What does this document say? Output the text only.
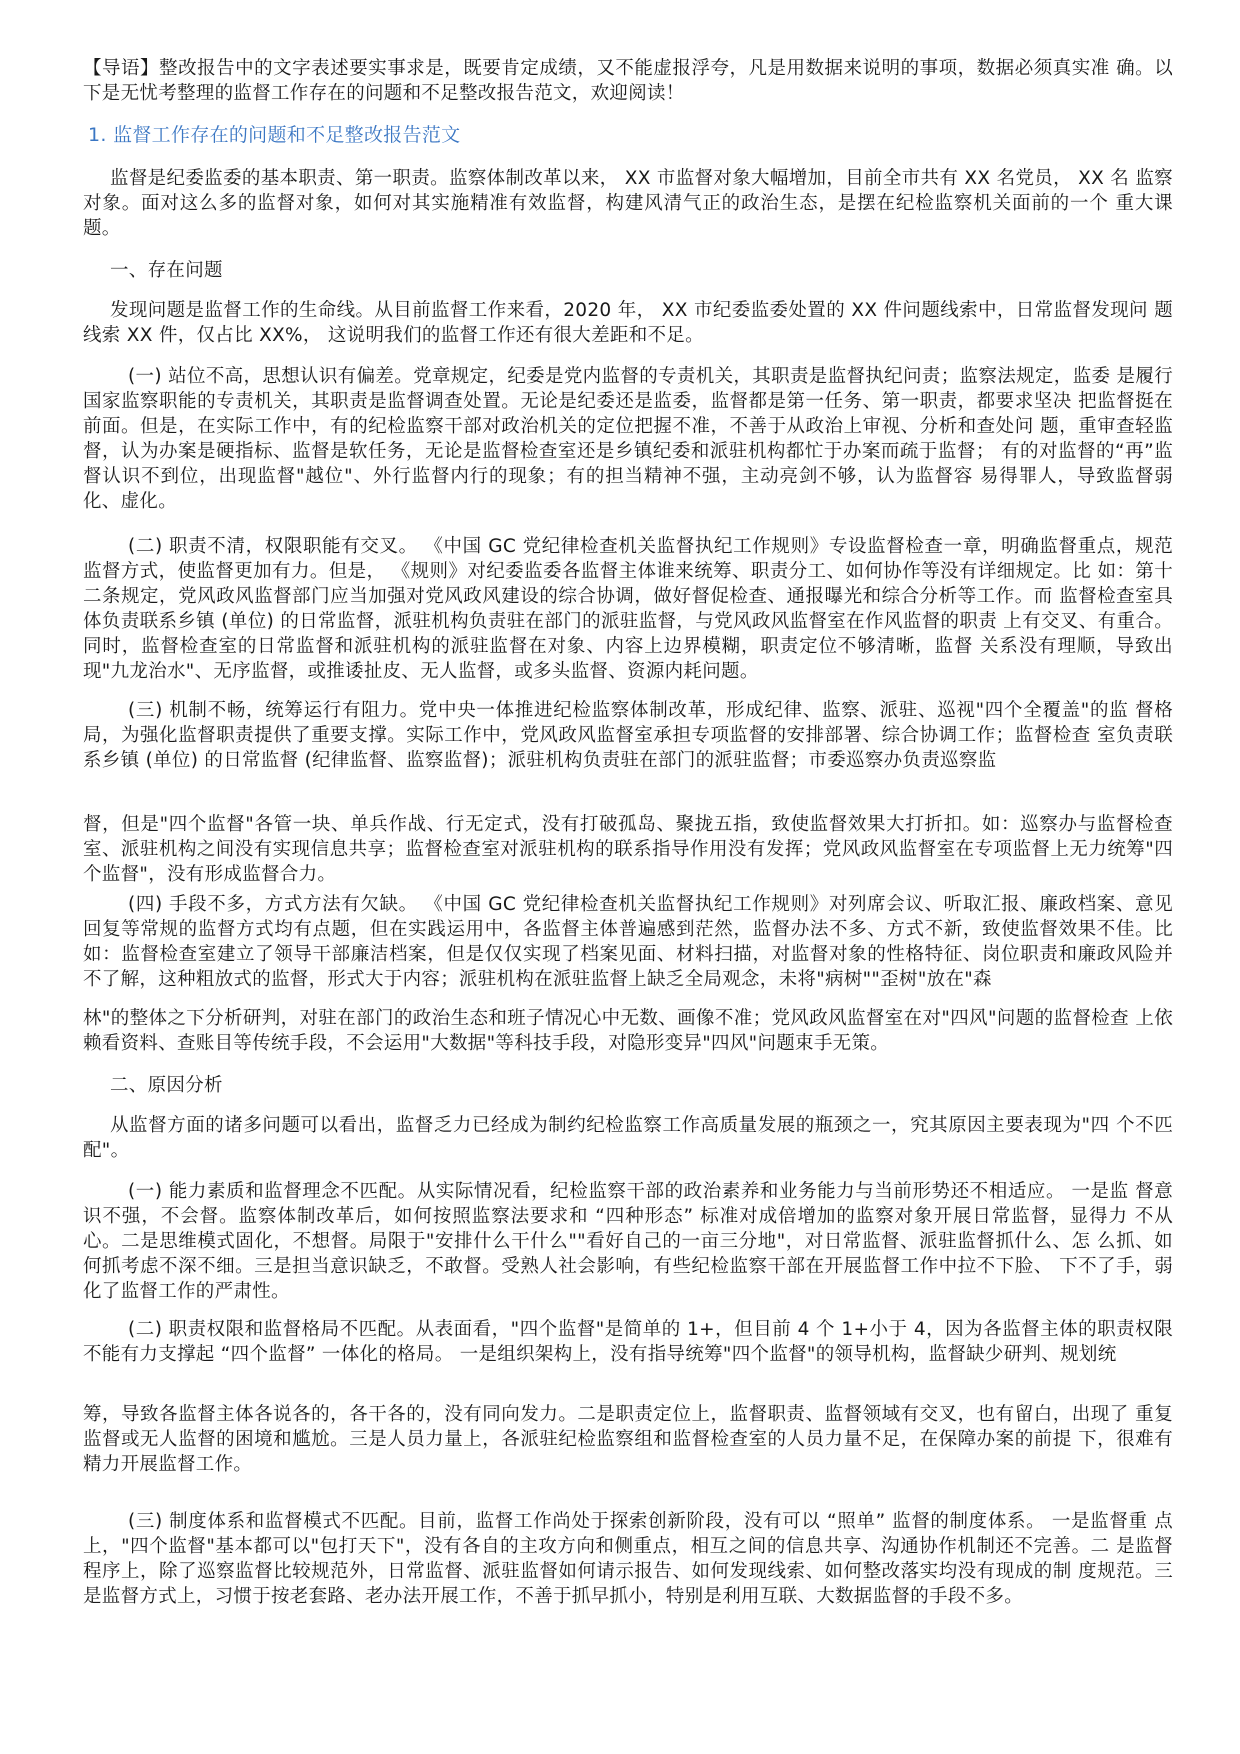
【导语】整改报告中的文字表述要实事求是，既要肯定成绩，又不能虚报浮夸，凡是用数据来说明的事项，数据必须真实准 确。以下是无忧考整理的监督工作存在的问题和不足整改报告范文，欢迎阅读！

1. 监督工作存在的问题和不足整改报告范文

监督是纪委监委的基本职责、第一职责。监察体制改革以来， XX 市监督对象大幅增加，目前全市共有 XX 名党员， XX 名 监察对象。面对这么多的监督对象，如何对其实施精准有效监督，构建风清气正的政治生态，是摆在纪检监察机关面前的一个 重大课题。

一、存在问题

发现问题是监督工作的生命线。从目前监督工作来看，2020 年， XX 市纪委监委处置的 XX 件问题线索中，日常监督发现问 题线索 XX 件，仅占比 XX%， 这说明我们的监督工作还有很大差距和不足。

(一) 站位不高，思想认识有偏差。党章规定，纪委是党内监督的专责机关，其职责是监督执纪问责；监察法规定，监委 是履行国家监察职能的专责机关，其职责是监督调查处置。无论是纪委还是监委，监督都是第一任务、第一职责，都要求坚决 把监督挺在前面。但是，在实际工作中，有的纪检监察干部对政治机关的定位把握不准，不善于从政治上审视、分析和查处问 题，重审查轻监督，认为办案是硬指标、监督是软任务，无论是监督检查室还是乡镇纪委和派驻机构都忙于办案而疏于监督； 有的对监督的“再”监督认识不到位，出现监督"越位"、外行监督内行的现象；有的担当精神不强，主动亮剑不够，认为监督容 易得罪人，导致监督弱化、虚化。

(二) 职责不清，权限职能有交叉。 《中国 GC 党纪律检查机关监督执纪工作规则》专设监督检查一章，明确监督重点，规范监督方式，使监督更加有力。但是， 《规则》对纪委监委各监督主体谁来统筹、职责分工、如何协作等没有详细规定。比 如：第十二条规定，党风政风监督部门应当加强对党风政风建设的综合协调，做好督促检查、通报曝光和综合分析等工作。而 监督检查室具体负责联系乡镇 (单位) 的日常监督，派驻机构负责驻在部门的派驻监督，与党风政风监督室在作风监督的职责 上有交叉、有重合。同时，监督检查室的日常监督和派驻机构的派驻监督在对象、内容上边界模糊，职责定位不够清晰，监督 关系没有理顺，导致出现"九龙治水"、无序监督，或推诿扯皮、无人监督，或多头监督、资源内耗问题。

(三) 机制不畅，统筹运行有阻力。党中央一体推进纪检监察体制改革，形成纪律、监察、派驻、巡视"四个全覆盖"的监 督格局，为强化监督职责提供了重要支撑。实际工作中，党风政风监督室承担专项监督的安排部署、综合协调工作；监督检查 室负责联系乡镇 (单位) 的日常监督 (纪律监督、监察监督)；派驻机构负责驻在部门的派驻监督；市委巡察办负责巡察监

督，但是"四个监督"各管一块、单兵作战、行无定式，没有打破孤岛、聚拢五指，致使监督效果大打折扣。如：巡察办与监督检查室、派驻机构之间没有实现信息共享；监督检查室对派驻机构的联系指导作用没有发挥；党风政风监督室在专项监督上无力统筹"四个监督"，没有形成监督合力。

(四) 手段不多，方式方法有欠缺。 《中国 GC 党纪律检查机关监督执纪工作规则》对列席会议、听取汇报、廉政档案、意见回复等常规的监督方式均有点题，但在实践运用中，各监督主体普遍感到茫然，监督办法不多、方式不新，致使监督效果不佳。比如：监督检查室建立了领导干部廉洁档案，但是仅仅实现了档案见面、材料扫描，对监督对象的性格特征、岗位职责和廉政风险并不了解，这种粗放式的监督，形式大于内容；派驻机构在派驻监督上缺乏全局观念，未将"病树""歪树"放在"森

林"的整体之下分析研判，对驻在部门的政治生态和班子情况心中无数、画像不准；党风政风监督室在对"四风"问题的监督检查 上依赖看资料、查账目等传统手段，不会运用"大数据"等科技手段，对隐形变异"四风"问题束手无策。

二、原因分析

从监督方面的诸多问题可以看出，监督乏力已经成为制约纪检监察工作高质量发展的瓶颈之一，究其原因主要表现为"四 个不匹配"。

(一) 能力素质和监督理念不匹配。从实际情况看，纪检监察干部的政治素养和业务能力与当前形势还不相适应。 一是监 督意识不强，不会督。监察体制改革后，如何按照监察法要求和 “四种形态” 标准对成倍增加的监察对象开展日常监督，显得力 不从心。二是思维模式固化，不想督。局限于"安排什么干什么""看好自己的一亩三分地"，对日常监督、派驻监督抓什么、怎 么抓、如何抓考虑不深不细。三是担当意识缺乏，不敢督。受熟人社会影响，有些纪检监察干部在开展监督工作中拉不下脸、 下不了手，弱化了监督工作的严肃性。

(二) 职责权限和监督格局不匹配。从表面看，"四个监督"是简单的 1+，但目前 4 个 1+小于 4，因为各监督主体的职责权限 不能有力支撑起 “四个监督” 一体化的格局。 一是组织架构上，没有指导统筹"四个监督"的领导机构，监督缺少研判、规划统

筹，导致各监督主体各说各的，各干各的，没有同向发力。二是职责定位上，监督职责、监督领域有交叉，也有留白，出现了 重复监督或无人监督的困境和尴尬。三是人员力量上，各派驻纪检监察组和监督检查室的人员力量不足，在保障办案的前提 下，很难有精力开展监督工作。

(三) 制度体系和监督模式不匹配。目前，监督工作尚处于探索创新阶段，没有可以 “照单” 监督的制度体系。 一是监督重 点上，"四个监督"基本都可以"包打天下"，没有各自的主攻方向和侧重点，相互之间的信息共享、沟通协作机制还不完善。二 是监督程序上，除了巡察监督比较规范外，日常监督、派驻监督如何请示报告、如何发现线索、如何整改落实均没有现成的制 度规范。三是监督方式上，习惯于按老套路、老办法开展工作，不善于抓早抓小，特别是利用互联、大数据监督的手段不多。
